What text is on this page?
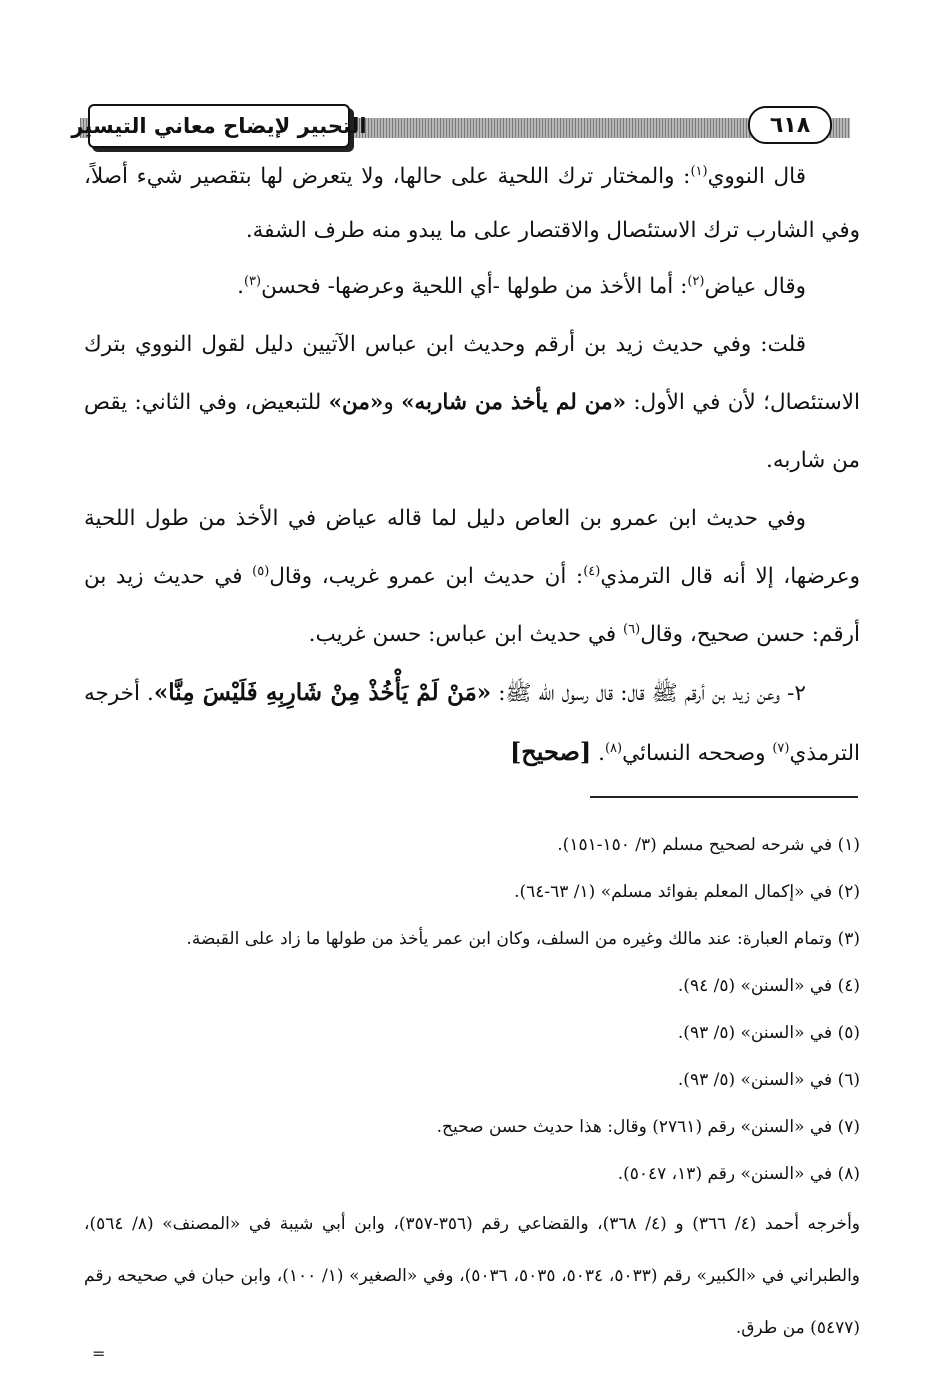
التحبير لإيضاح معاني التيسير	٦١٨

قال النووي$^{(١)}$: والمختار ترك اللحية على حالها، ولا يتعرض لها بتقصير شيء أصلاً، وفي الشارب ترك الاستئصال والاقتصار على ما يبدو منه طرف الشفة.

وقال عياض$^{(٢)}$: أما الأخذ من طولها -أي اللحية وعرضها- فحسن$^{(٣)}$.

قلت: وفي حديث زيد بن أرقم وحديث ابن عباس الآتيين دليل لقول النووي بترك الاستئصال؛ لأن في الأول: «من لم يأخذ من شاربه» و«من» للتبعيض، وفي الثاني: يقص من شاربه.

وفي حديث ابن عمرو بن العاص دليل لما قاله عياض في الأخذ من طول اللحية وعرضها، إلا أنه قال الترمذي$^{(٤)}$: أن حديث ابن عمرو غريب، وقال$^{(٥)}$ في حديث زيد بن أرقم: حسن صحيح، وقال$^{(٦)}$ في حديث ابن عباس: حسن غريب.

٢- وعن زيد بن أرقم ﷺ قال: قال رسول الله ﷺ: «مَنْ لَمْ يَأْخُذْ مِنْ شَارِبِهِ فَلَيْسَ مِنَّا». أخرجه الترمذي$^{(٧)}$ وصححه النسائي$^{(٨)}$. [صحيح]

(١) في شرحه لصحيح مسلم (٣/ ١٥٠-١٥١).

(٢) في «إكمال المعلم بفوائد مسلم» (١/ ٦٣-٦٤).

(٣) وتمام العبارة: عند مالك وغيره من السلف، وكان ابن عمر يأخذ من طولها ما زاد على القبضة.

(٤) في «السنن» (٥/ ٩٤).

(٥) في «السنن» (٥/ ٩٣).

(٦) في «السنن» (٥/ ٩٣).

(٧) في «السنن» رقم (٢٧٦١) وقال: هذا حديث حسن صحيح.

(٨) في «السنن» رقم (١٣، ٥٠٤٧).

وأخرجه أحمد (٤/ ٣٦٦) و (٤/ ٣٦٨)، والقضاعي رقم (٣٥٦-٣٥٧)، وابن أبي شيبة في «المصنف» (٨/ ٥٦٤)، والطبراني في «الكبير» رقم (٥٠٣٣، ٥٠٣٤، ٥٠٣٥، ٥٠٣٦)، وفي «الصغير» (١/ ١٠٠)، وابن حبان في صحيحه رقم (٥٤٧٧) من طرق.

=
